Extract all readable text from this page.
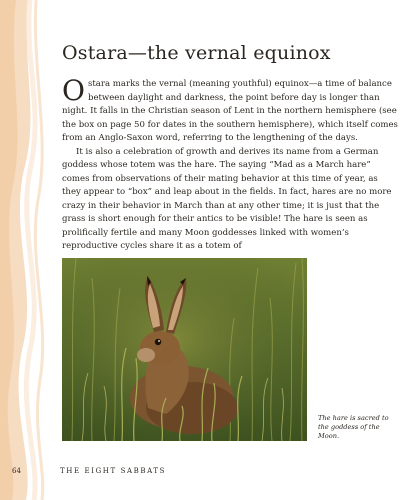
Ostara—the vernal equinox

Ostara marks the vernal (meaning youthful) equinox—a time of balance between daylight and darkness, the point before day is longer than night. It falls in the Christian season of Lent in the northern hemisphere (see the box on page 50 for dates in the southern hemisphere), which itself comes from an Anglo-Saxon word, referring to the lengthening of the days.

It is also a celebration of growth and derives its name from a German goddess whose totem was the hare. The saying “Mad as a March hare” comes from observations of their mating behavior at this time of year, as they appear to “box” and leap about in the fields. In fact, hares are no more crazy in their behavior in March than at any other time; it is just that the grass is short enough for their antics to be visible! The hare is seen as prolifically fertile and many Moon goddesses linked with women’s reproductive cycles share it as a totem of

The hare is sacred to the goddess of the Moon.
64	THE EIGHT SABBATS
